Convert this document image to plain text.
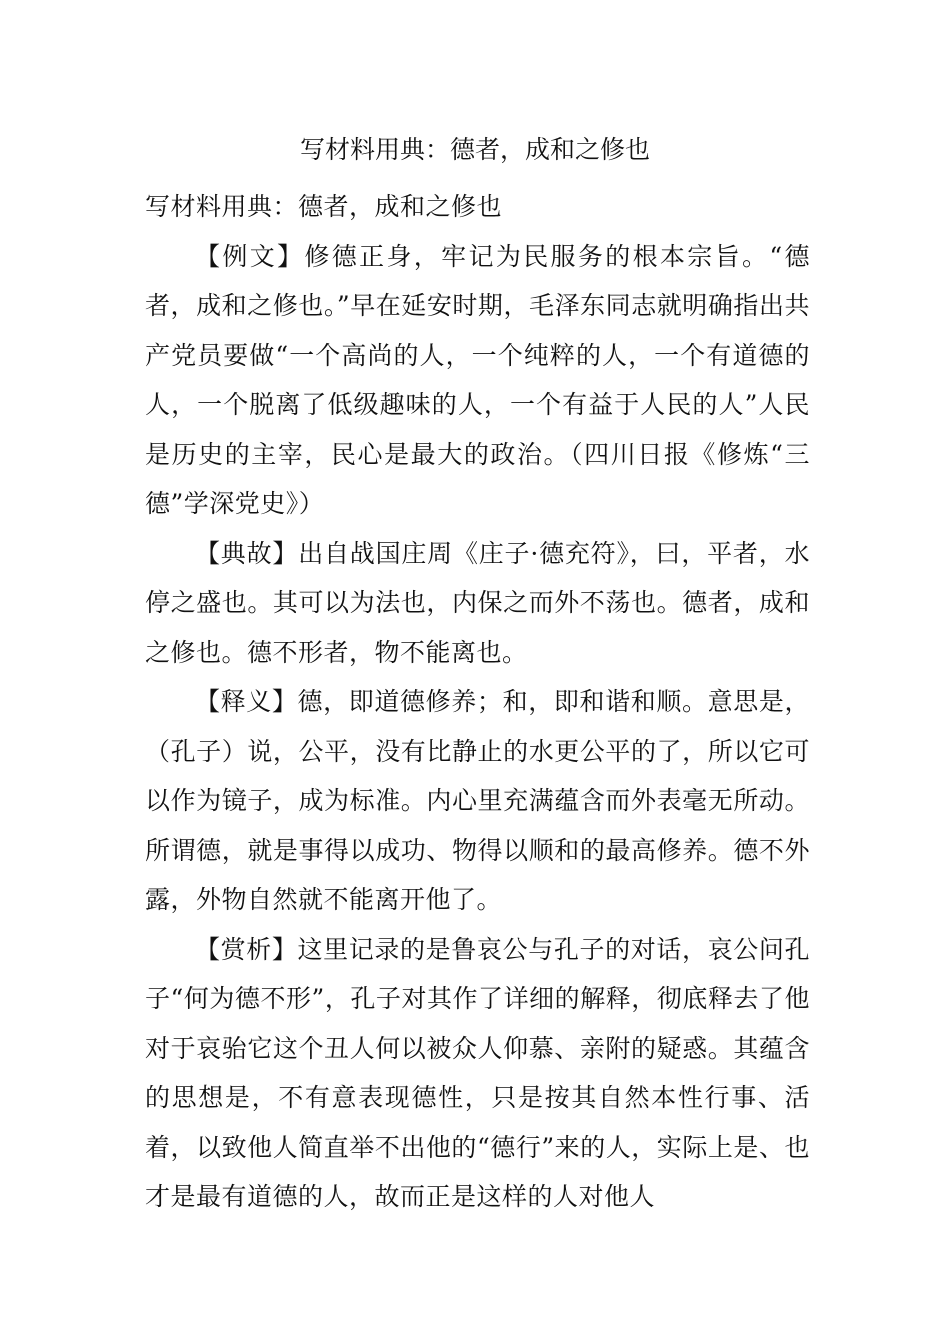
写材料用典：德者，成和之修也

写材料用典：德者，成和之修也

【例文】修德正身，牢记为民服务的根本宗旨。“德者，成和之修也。”早在延安时期，毛泽东同志就明确指出共产党员要做“一个高尚的人，一个纯粹的人，一个有道德的人，一个脱离了低级趣味的人，一个有益于人民的人”人民是历史的主宰，民心是最大的政治。（四川日报《修炼“三德”学深党史》）

【典故】出自战国庄周《庄子·德充符》，曰，平者，水停之盛也。其可以为法也，内保之而外不荡也。德者，成和之修也。德不形者，物不能离也。

【释义】德，即道德修养；和，即和谐和顺。意思是，（孔子）说，公平，没有比静止的水更公平的了，所以它可以作为镜子，成为标准。内心里充满蕴含而外表毫无所动。所谓德，就是事得以成功、物得以顺和的最高修养。德不外露，外物自然就不能离开他了。

【赏析】这里记录的是鲁哀公与孔子的对话，哀公问孔子“何为德不形”，孔子对其作了详细的解释，彻底释去了他对于哀骀它这个丑人何以被众人仰慕、亲附的疑惑。其蕴含的思想是，不有意表现德性，只是按其自然本性行事、活着，以致他人简直举不出他的“德行”来的人，实际上是、也才是最有道德的人，故而正是这样的人对他人
